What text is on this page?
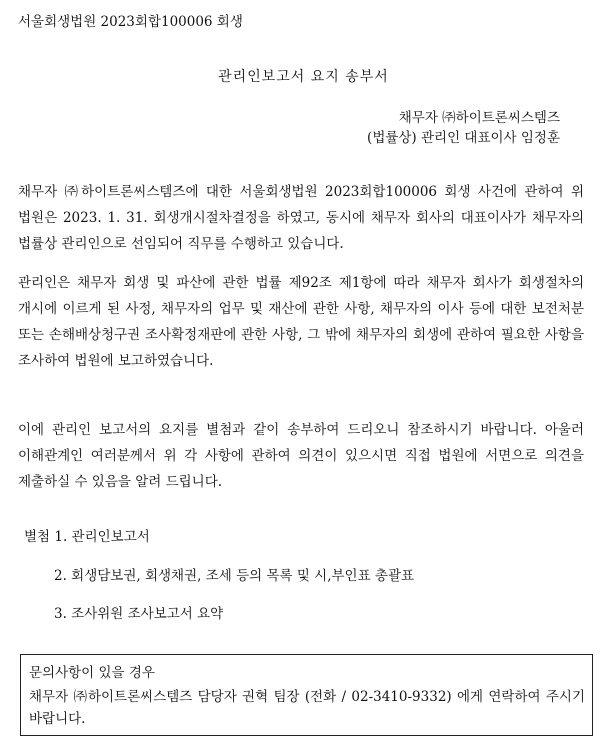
서울회생법원 2023회합100006 회생
관리인보고서 요지 송부서
채무자 ㈜하이트론씨스템즈
(법률상) 관리인 대표이사 임정훈
채무자 ㈜하이트론씨스템즈에 대한 서울회생법원 2023회합100006 회생 사건에 관하여 위 법원은 2023. 1. 31. 회생개시절차결정을 하였고, 동시에 채무자 회사의 대표이사가 채무자의 법률상 관리인으로 선임되어 직무를 수행하고 있습니다.
관리인은 채무자 회생 및 파산에 관한 법률 제92조 제1항에 따라 채무자 회사가 회생절차의 개시에 이르게 된 사정, 채무자의 업무 및 재산에 관한 사항, 채무자의 이사 등에 대한 보전처분 또는 손해배상청구권 조사확정재판에 관한 사항, 그 밖에 채무자의 회생에 관하여 필요한 사항을 조사하여 법원에 보고하였습니다.
이에 관리인 보고서의 요지를 별첨과 같이 송부하여 드리오니 참조하시기 바랍니다. 아울러 이해관계인 여러분께서 위 각 사항에 관하여 의견이 있으시면 직접 법원에 서면으로 의견을 제출하실 수 있음을 알려 드립니다.
별첨 1. 관리인보고서
2. 회생담보권, 회생채권, 조세 등의 목록 및 시,부인표 총괄표
3. 조사위원 조사보고서 요약
문의사항이 있을 경우
채무자 ㈜하이트론씨스템즈 담당자 권혁 팀장 (전화 / 02-3410-9332) 에게 연락하여 주시기 바랍니다.
